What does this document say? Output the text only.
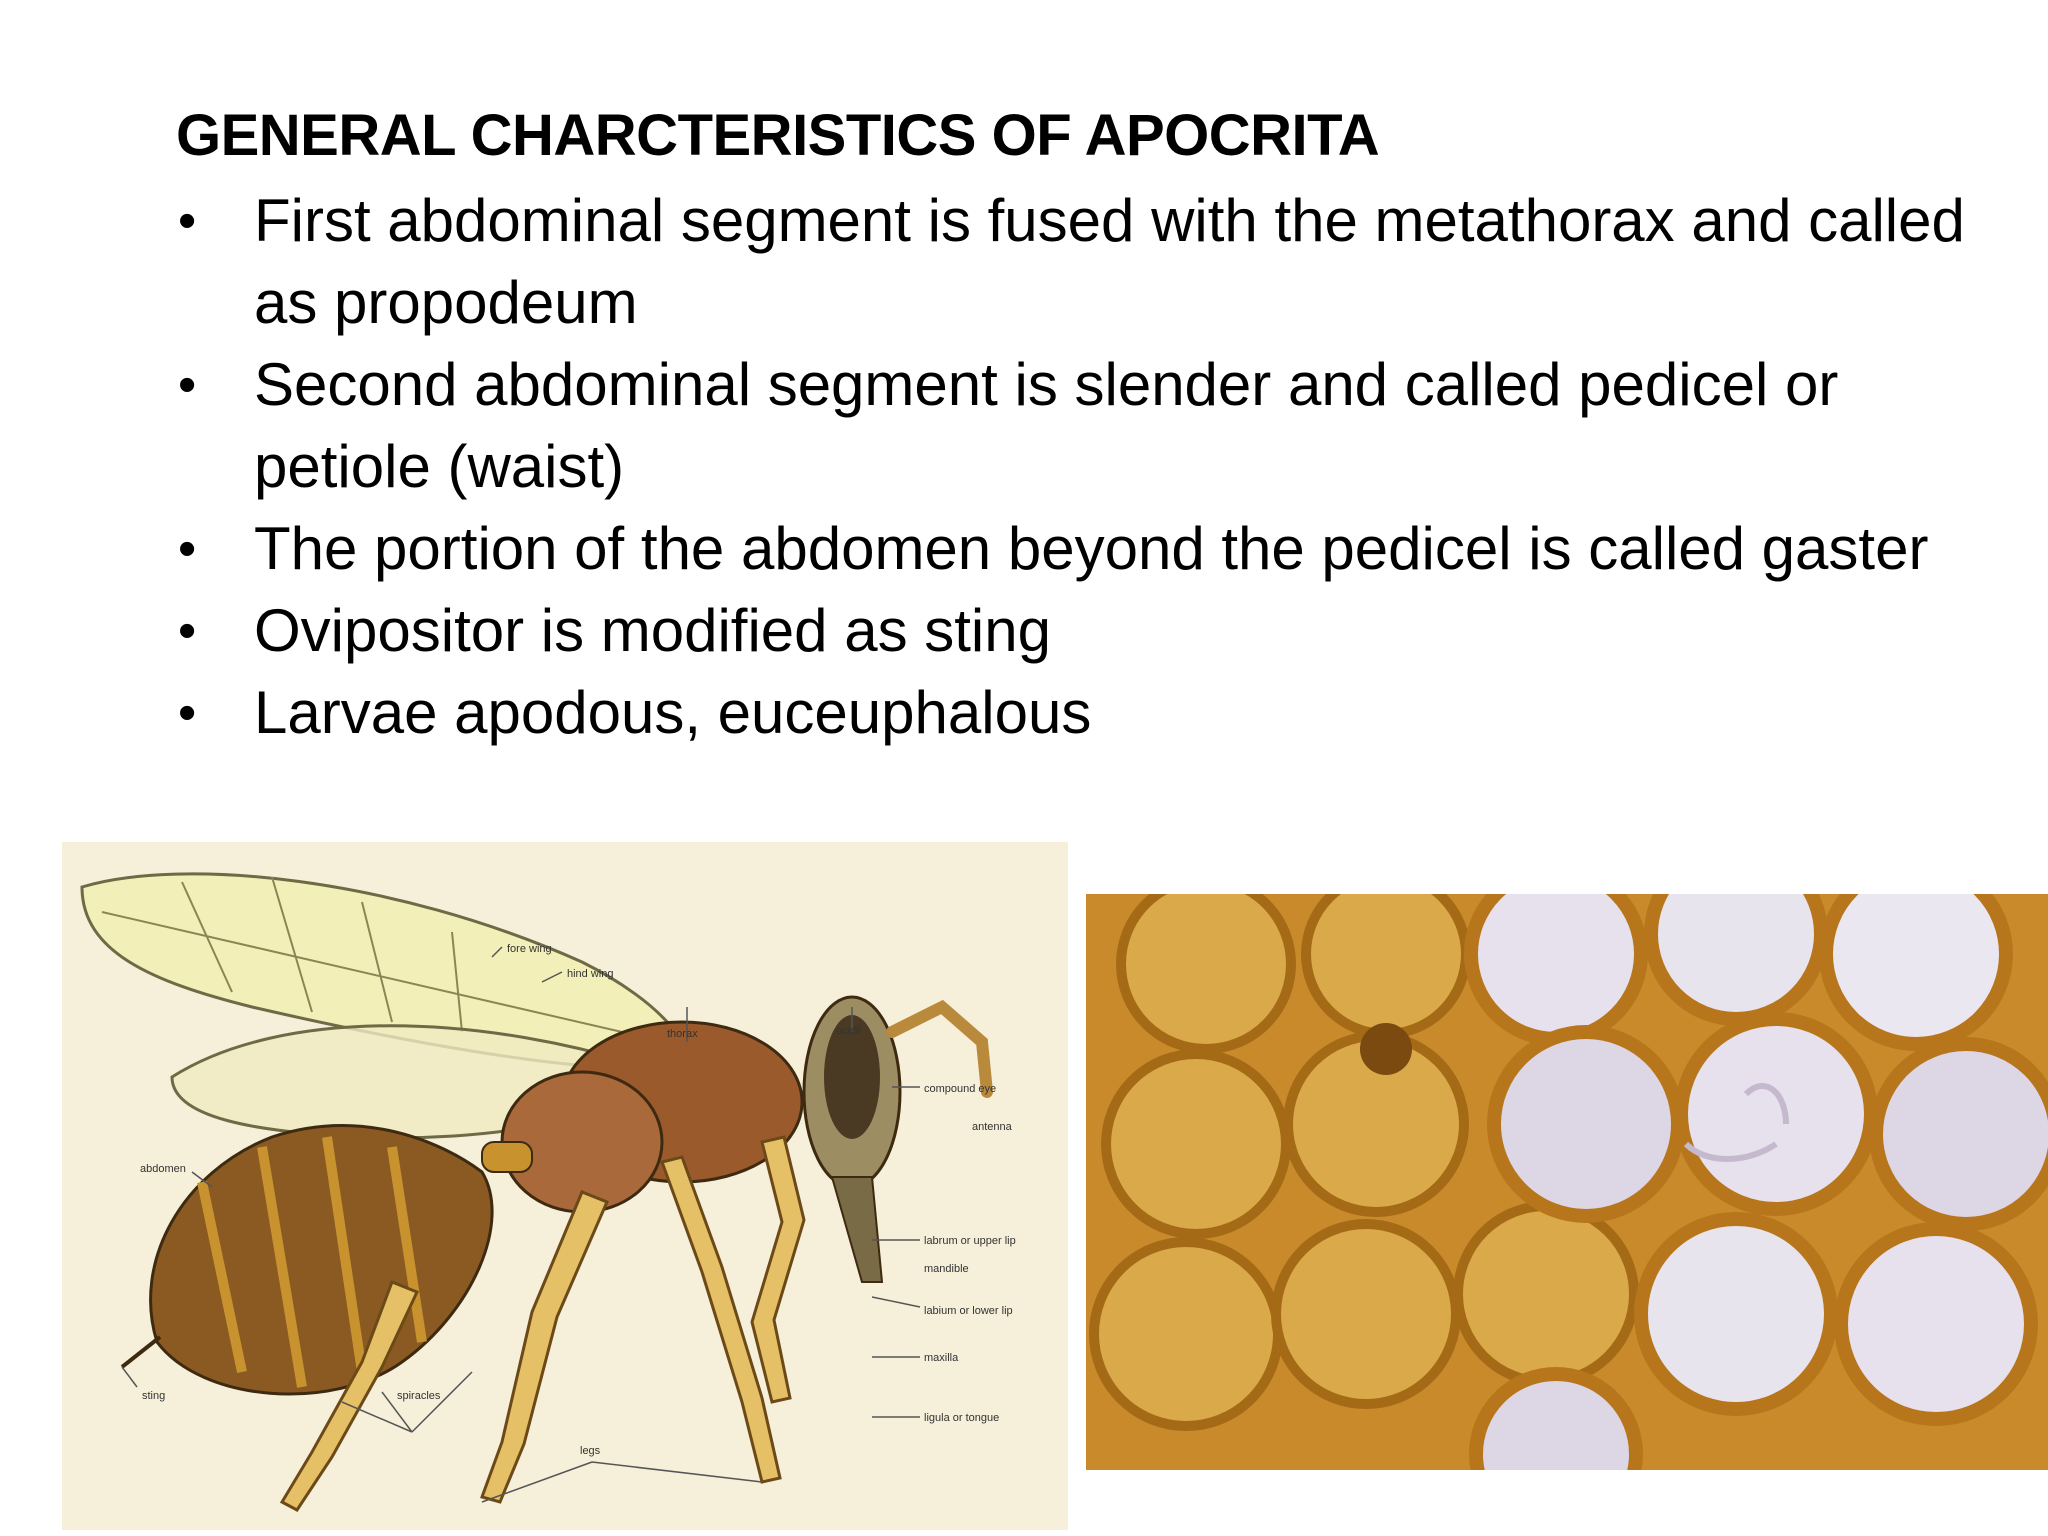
GENERAL CHARCTERISTICS OF APOCRITA
• First abdominal segment is fused with the metathorax and called as propodeum
• Second abdominal segment is slender and called pedicel or petiole (waist)
• The portion of the abdomen beyond the pedicel is called gaster
• Ovipositor is modified as sting
• Larvae apodous, euceuphalous
fore wing
hind wing
thorax	ocelli
compound eye
antenna
abdomen
labrum or upper lip
mandible
labium or lower lip
maxilla
ligula or tongue
sting	spiracles
legs
